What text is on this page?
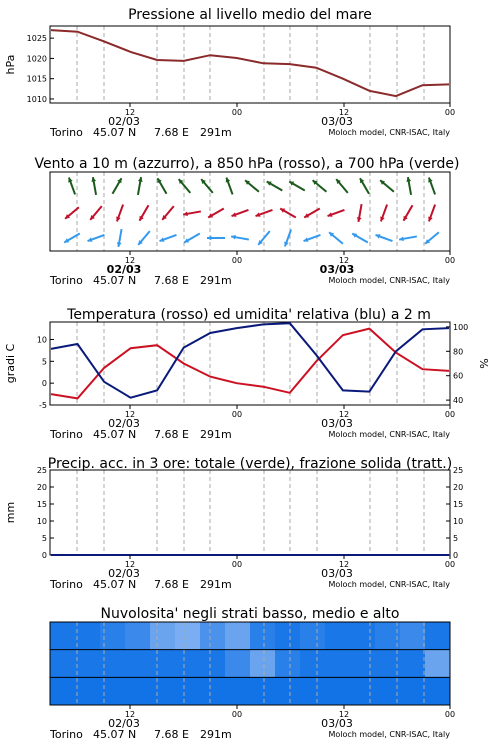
Pressione al livello medio del mare
Vento a 10 m (azzurro), a 850 hPa (rosso), a 700 hPa (verde)
Temperatura (rosso) ed umidita' relativa (blu) a 2 m
Precip. acc. in 3 ore: totale (verde), frazione solida (tratt.)
Nuvolosita' negli strati basso, medio e alto
1010
1015
1020
1025
hPa
12	00	12	00
02/03	03/03
Torino 45.07 N 7.68 E 291m	Moloch model, CNR-ISAC, Italy
12	00	12	00
02/03	03/03
Torino 45.07 N 7.68 E 291m	Moloch model, CNR-ISAC, Italy
-5
0
5
10
40
60
80
100
gradi C	%
12	00	12	00
02/03	03/03
Torino 45.07 N 7.68 E 291m	Moloch model, CNR-ISAC, Italy
0	0
5	5
10	10
15	15
20	20
25	25
mm
12	00	12	00
02/03	03/03
Torino 45.07 N 7.68 E 291m	Moloch model, CNR-ISAC, Italy
12	00	12	00
02/03	03/03
Torino 45.07 N 7.68 E 291m	Moloch model, CNR-ISAC, Italy
